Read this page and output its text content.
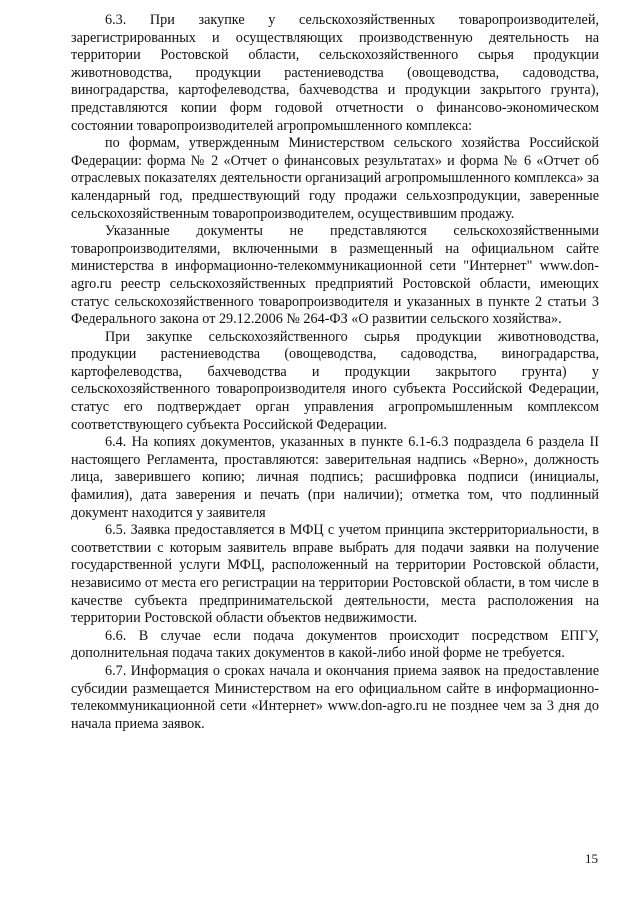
6.3. При закупке у сельскохозяйственных товаропроизводителей, зарегистрированных и осуществляющих производственную деятельность на территории Ростовской области, сельскохозяйственного сырья продукции животноводства, продукции растениеводства (овощеводства, садоводства, виноградарства, картофелеводства, бахчеводства и продукции закрытого грунта), представляются копии форм годовой отчетности о финансово-экономическом состоянии товаропроизводителей агропромышленного комплекса:

по формам, утвержденным Министерством сельского хозяйства Российской Федерации: форма № 2 «Отчет о финансовых результатах» и форма № 6 «Отчет об отраслевых показателях деятельности организаций агропромышленного комплекса» за календарный год, предшествующий году продажи сельхозпродукции, заверенные сельскохозяйственным товаропроизводителем, осуществившим продажу.

Указанные документы не представляются сельскохозяйственными товаропроизводителями, включенными в размещенный на официальном сайте министерства в информационно-телекоммуникационной сети "Интернет" www.don-agro.ru реестр сельскохозяйственных предприятий Ростовской области, имеющих статус сельскохозяйственного товаропроизводителя и указанных в пункте 2 статьи 3 Федерального закона от 29.12.2006 № 264-ФЗ «О развитии сельского хозяйства».

При закупке сельскохозяйственного сырья продукции животноводства, продукции растениеводства (овощеводства, садоводства, виноградарства, картофелеводства, бахчеводства и продукции закрытого грунта) у сельскохозяйственного товаропроизводителя иного субъекта Российской Федерации, статус его подтверждает орган управления агропромышленным комплексом соответствующего субъекта Российской Федерации.

6.4. На копиях документов, указанных в пункте 6.1-6.3 подраздела 6 раздела II настоящего Регламента, проставляются: заверительная надпись «Верно», должность лица, заверившего копию; личная подпись; расшифровка подписи (инициалы, фамилия), дата заверения и печать (при наличии); отметка том, что подлинный документ находится у заявителя

6.5. Заявка предоставляется в МФЦ с учетом принципа экстерриториальности, в соответствии с которым заявитель вправе выбрать для подачи заявки на получение государственной услуги МФЦ, расположенный на территории Ростовской области, независимо от места его регистрации на территории Ростовской области, в том числе в качестве субъекта предпринимательской деятельности, места расположения на территории Ростовской области объектов недвижимости.

6.6. В случае если подача документов происходит посредством ЕПГУ, дополнительная подача таких документов в какой-либо иной форме не требуется.

6.7. Информация о сроках начала и окончания приема заявок на предоставление субсидии размещается Министерством на его официальном сайте в информационно-телекоммуникационной сети «Интернет» www.don-agro.ru не позднее чем за 3 дня до начала приема заявок.

15
